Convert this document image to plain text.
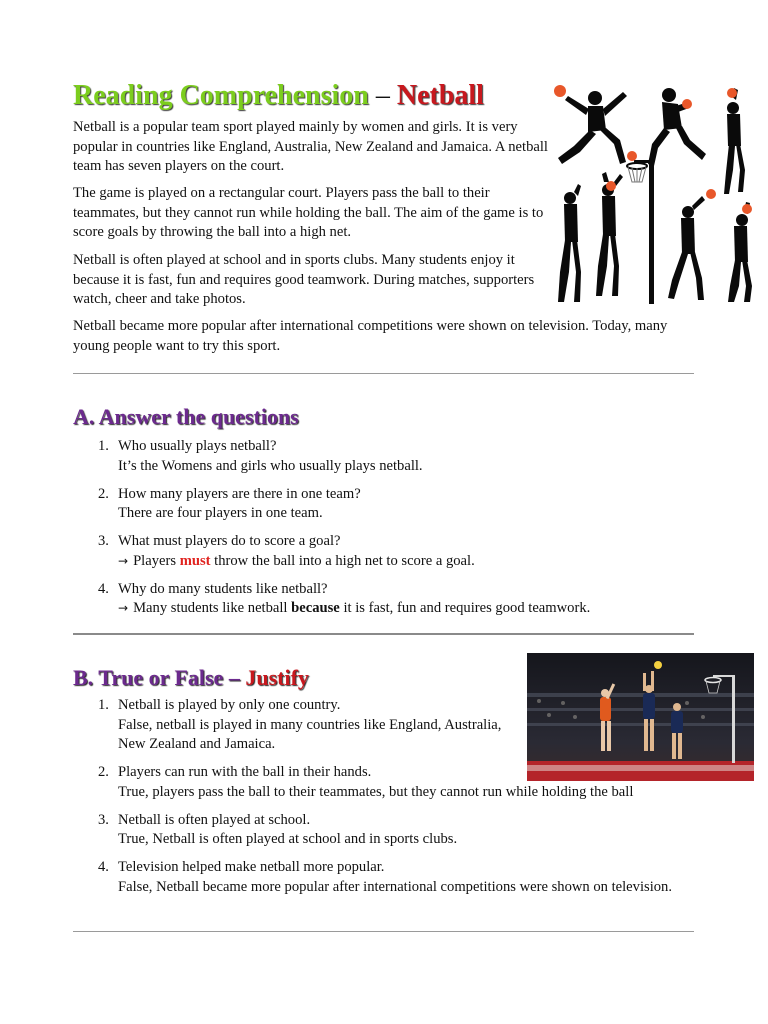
Reading Comprehension – Netball

Netball is a popular team sport played mainly by women and girls. It is very popular in countries like England, Australia, New Zealand and Jamaica. A netball team has seven players on the court.

The game is played on a rectangular court. Players pass the ball to their teammates, but they cannot run while holding the ball. The aim of the game is to score goals by throwing the ball into a high net.

Netball is often played at school and in sports clubs. Many students enjoy it because it is fast, fun and requires good teamwork. During matches, supporters watch, cheer and take photos.

Netball became more popular after international competitions were shown on television. Today, many young people want to try this sport.

A. Answer the questions
1. Who usually plays netball?
It’s the Womens and girls who usually plays netball.
2. How many players are there in one team?
There are four players in one team.
3. What must players do to score a goal?
→ Players must throw the ball into a high net to score a goal.
4. Why do many students like netball?
→ Many students like netball because it is fast, fun and requires good teamwork.
B. True or False – Justify
1. Netball is played by only one country.
False, netball is played in many countries like England, Australia,
New Zealand and Jamaica.
2. Players can run with the ball in their hands.
True, players pass the ball to their teammates, but they cannot run while holding the ball
3. Netball is often played at school.
True, Netball is often played at school and in sports clubs.
4. Television helped make netball more popular.
False, Netball became more popular after international competitions were shown on television.
